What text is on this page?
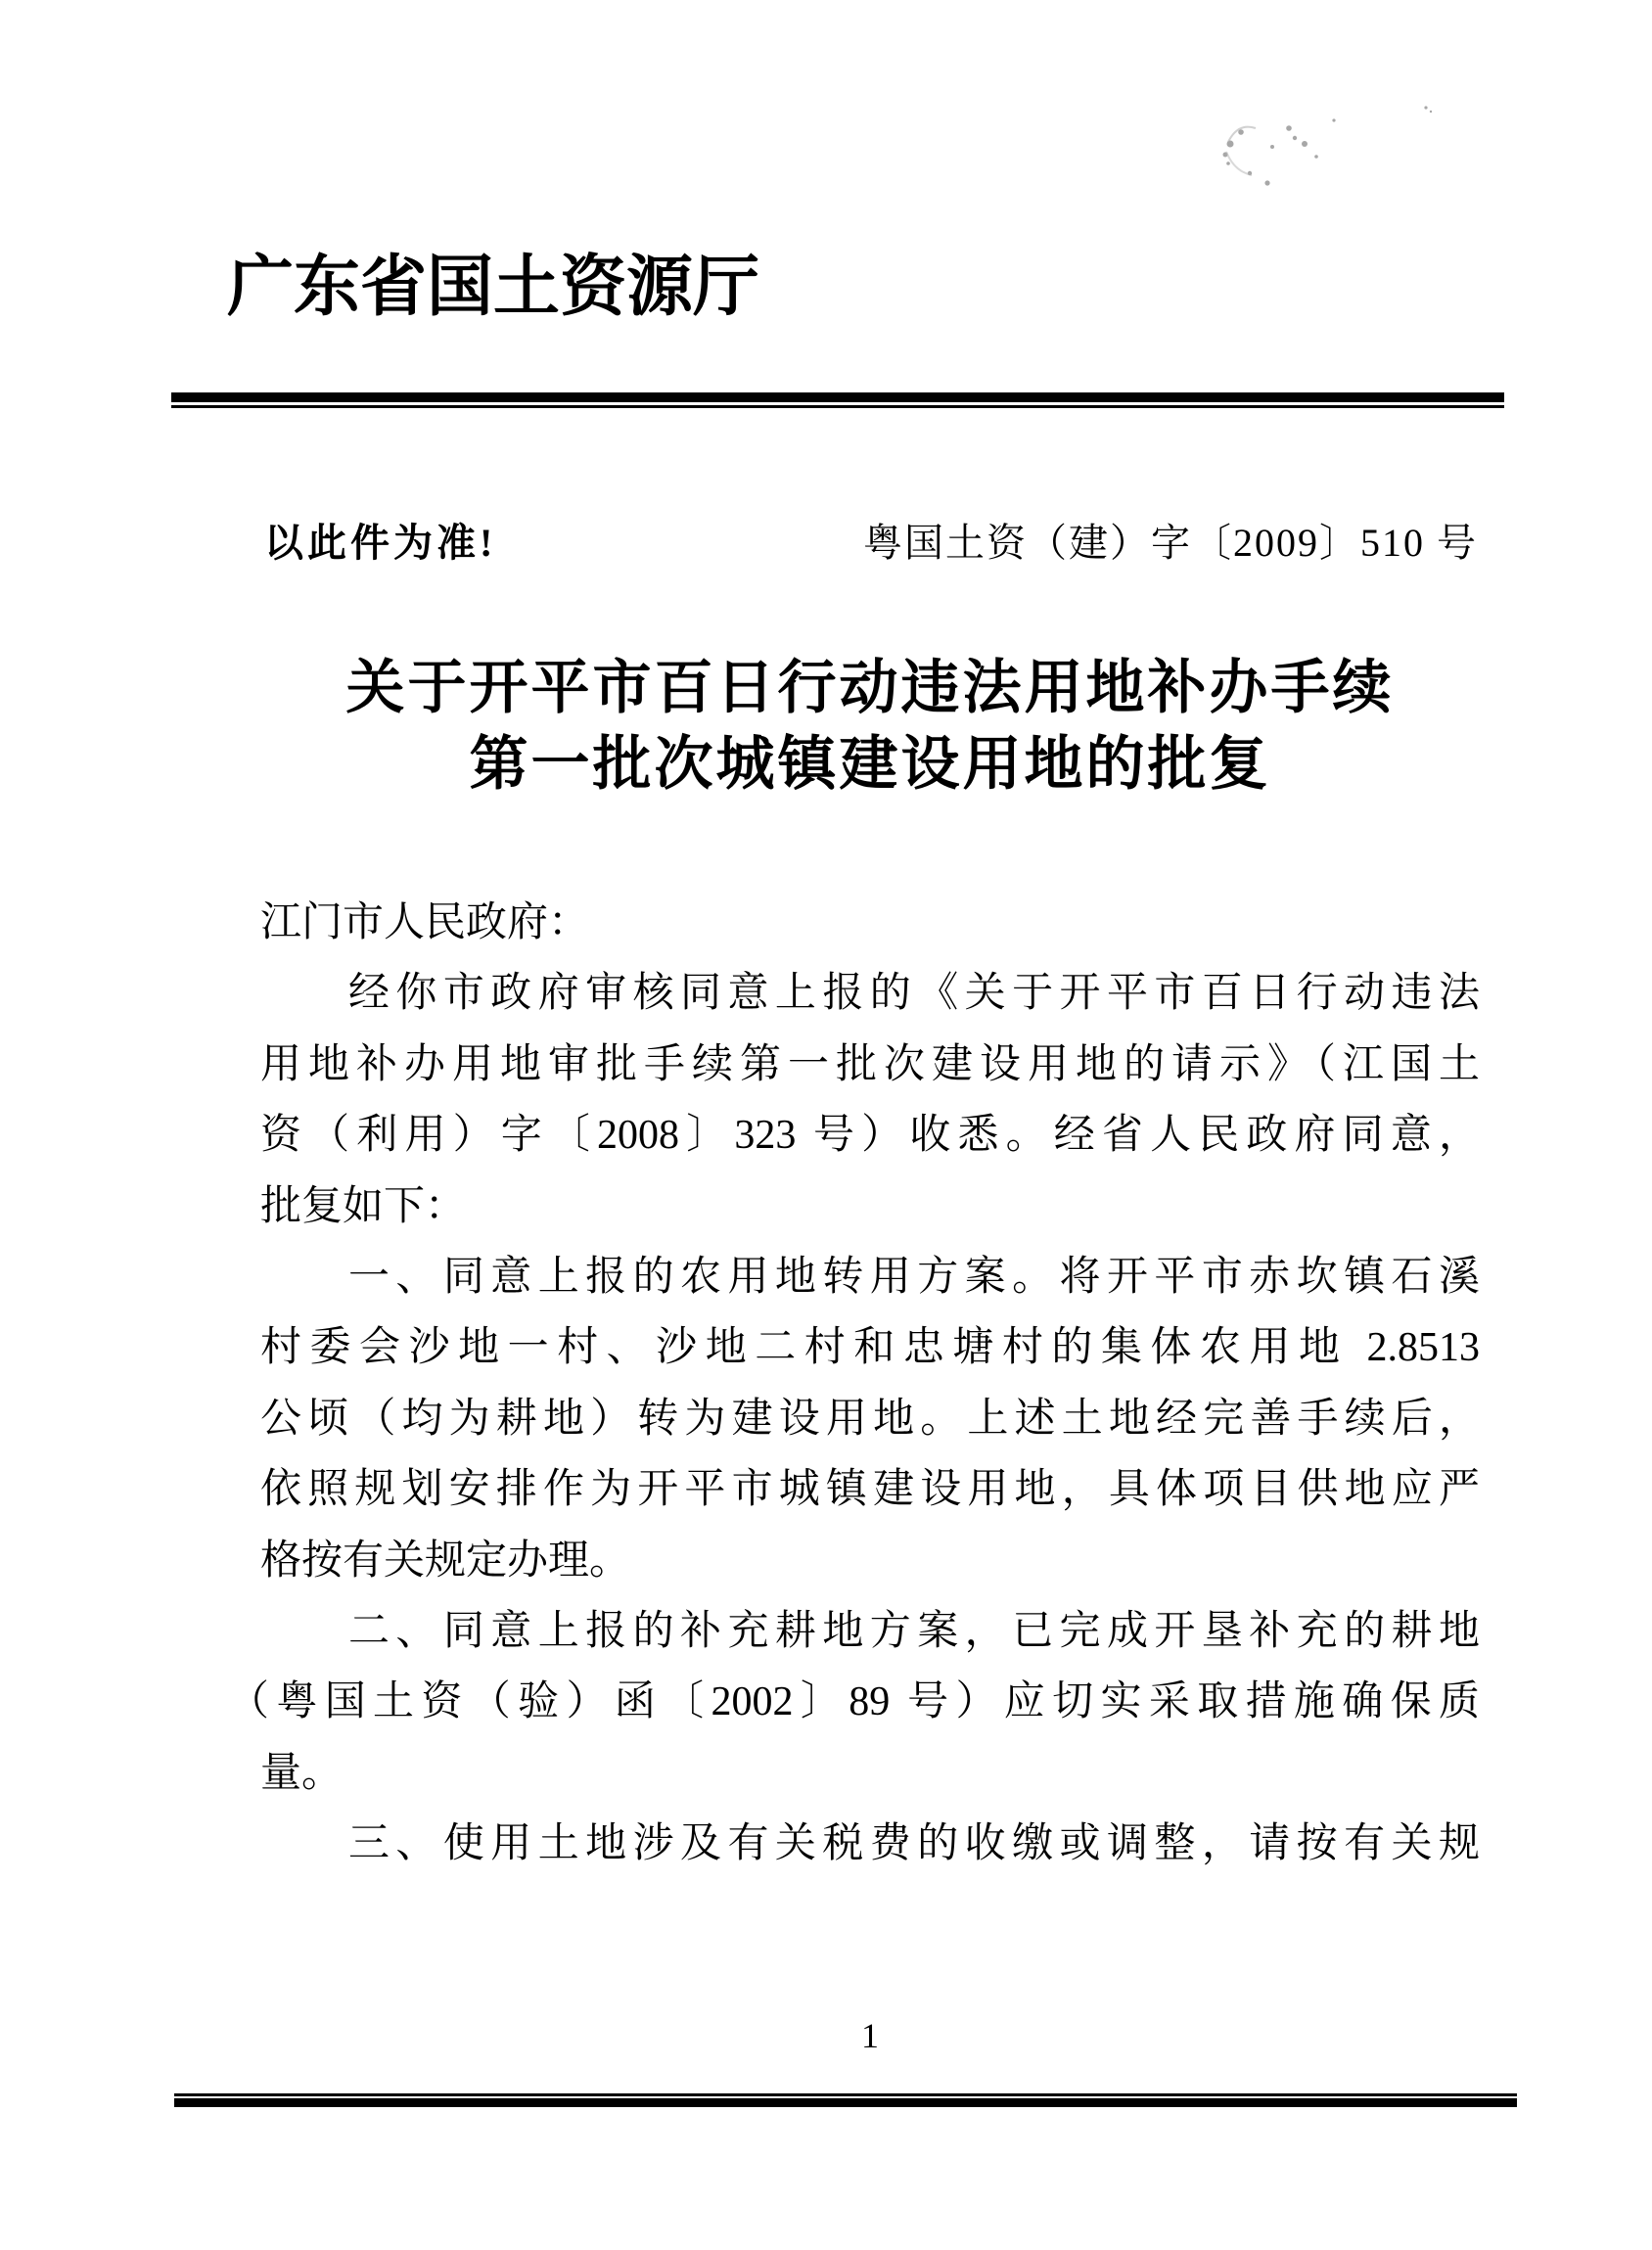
广东省国土资源厅
以此件为准!	粤国土资（建）字〔2009〕510 号
关于开平市百日行动违法用地补办手续
第一批次城镇建设用地的批复
江门市人民政府：
经你市政府审核同意上报的《关于开平市百日行动违法
用地补办用地审批手续第一批次建设用地的请示》（江国土
资（利用）字〔2008〕323 号）收悉。经省人民政府同意，
批复如下：
一、同意上报的农用地转用方案。将开平市赤坎镇石溪
村委会沙地一村、沙地二村和忠塘村的集体农用地 2.8513
公顷（均为耕地）转为建设用地。上述土地经完善手续后，
依照规划安排作为开平市城镇建设用地，具体项目供地应严
格按有关规定办理。
二、同意上报的补充耕地方案，已完成开垦补充的耕地
（粤国土资（验）函〔2002〕89 号）应切实采取措施确保质
量。
三、使用土地涉及有关税费的收缴或调整，请按有关规
1
